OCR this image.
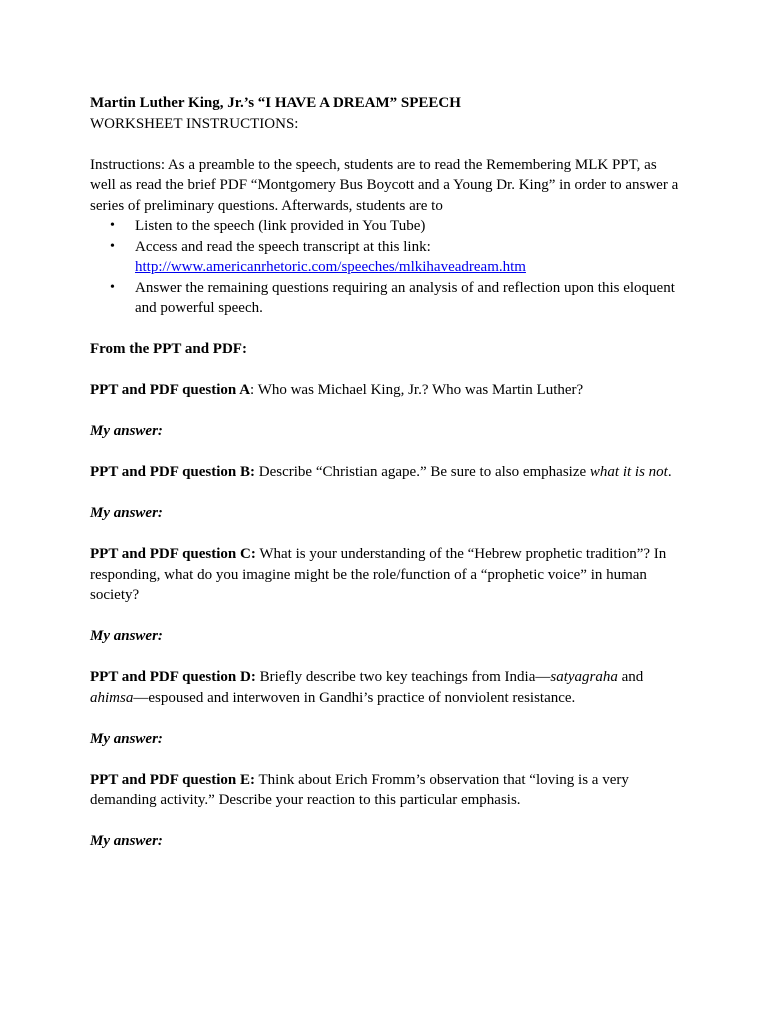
Martin Luther King, Jr.’s “I HAVE A DREAM” SPEECH

WORKSHEET INSTRUCTIONS:

Instructions: As a preamble to the speech, students are to read the Remembering MLK PPT, as well as read the brief PDF “Montgomery Bus Boycott and a Young Dr. King” in order to answer a series of preliminary questions. Afterwards, students are to

•	Listen to the speech (link provided in You Tube)
•	Access and read the speech transcript at this link:
http://www.americanrhetoric.com/speeches/mlkihaveadream.htm
•	Answer the remaining questions requiring an analysis of and reflection upon this eloquent and powerful speech.

From the PPT and PDF:

PPT and PDF question A: Who was Michael King, Jr.? Who was Martin Luther?

My answer:

PPT and PDF question B: Describe “Christian agape.” Be sure to also emphasize what it is not.

My answer:

PPT and PDF question C: What is your understanding of the “Hebrew prophetic tradition”? In responding, what do you imagine might be the role/function of a “prophetic voice” in human society?

My answer:

PPT and PDF question D: Briefly describe two key teachings from India—satyagraha and ahimsa—espoused and interwoven in Gandhi’s practice of nonviolent resistance.

My answer:

PPT and PDF question E: Think about Erich Fromm’s observation that “loving is a very demanding activity.” Describe your reaction to this particular emphasis.

My answer:
